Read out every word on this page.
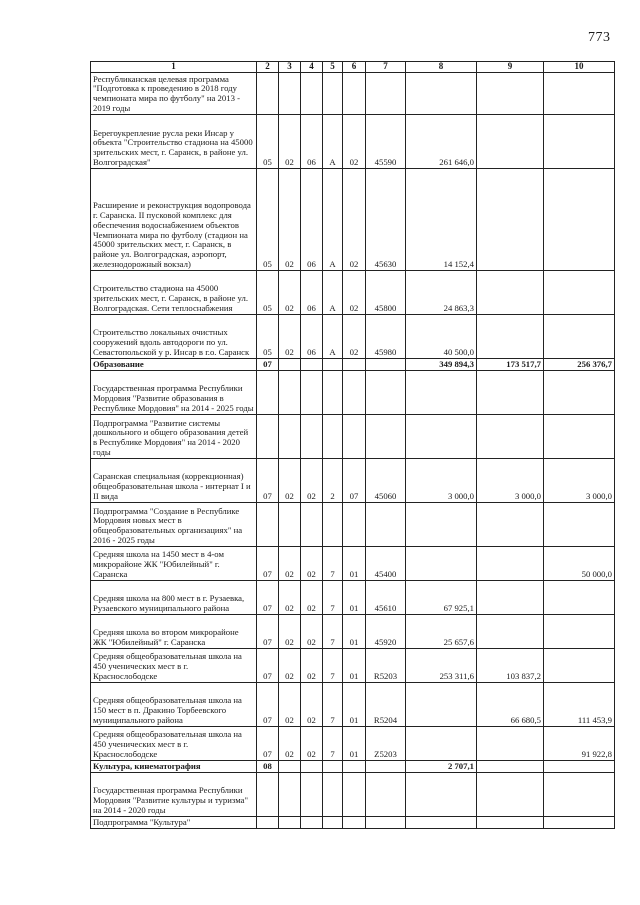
773
1	2	3	4	5	6	7	8	9	10
Республиканская целевая программа "Подготовка к проведению в 2018 году чемпионата мира по футболу" на 2013 - 2019 годы									
Берегоукрепление русла реки Инсар у объекта "Строительство стадиона на 45000 зрительских мест, г. Саранск, в районе ул. Волгоградская"	05	02	06	А	02	45590	261 646,0		
Расширение и реконструкция водопровода г. Саранска. II пусковой комплекс для обеспечения водоснабжением объектов Чемпионата мира по футболу (стадион на 45000 зрительских мест, г. Саранск, в районе ул. Волгоградская, аэропорт, железнодорожный вокзал)	05	02	06	А	02	45630	14 152,4		
Строительство стадиона на 45000 зрительских мест, г. Саранск, в районе ул. Волгоградская. Сети теплоснабжения	05	02	06	А	02	45800	24 863,3		
Строительство локальных очистных сооружений вдоль автодороги по ул. Севастопольской у р. Инсар в г.о. Саранск	05	02	06	А	02	45980	40 500,0		
Образование	07						349 894,3	173 517,7	256 376,7
Государственная программа Республики Мордовия "Развитие образования в Республике Мордовия" на 2014 - 2025 годы									
Подпрограмма "Развитие системы дошкольного и общего образования детей в Республике Мордовия" на 2014 - 2020 годы									
Саранская специальная (коррекционная) общеобразовательная школа - интернат I и II вида	07	02	02	2	07	45060	3 000,0	3 000,0	3 000,0
Подпрограмма "Создание в Республике Мордовия новых мест в общеобразовательных организациях" на 2016 - 2025 годы									
Средняя школа на 1450 мест в 4-ом микрорайоне ЖК "Юбилейный" г. Саранска	07	02	02	7	01	45400			50 000,0
Средняя школа на 800 мест в г. Рузаевка, Рузаевского муниципального района	07	02	02	7	01	45610	67 925,1		
Средняя школа во втором микрорайоне ЖК "Юбилейный" г. Саранска	07	02	02	7	01	45920	25 657,6		
Средняя общеобразовательная школа на 450 ученических мест в г. Краснослободске	07	02	02	7	01	R5203	253 311,6	103 837,2	
Средняя общеобразовательная школа на 150 мест в п. Дракино Торбеевского муниципального района	07	02	02	7	01	R5204		66 680,5	111 453,9
Средняя общеобразовательная школа на 450 ученических мест в г. Краснослободске	07	02	02	7	01	Z5203			91 922,8
Культура, кинематография	08						2 707,1		
Государственная программа Республики Мордовия "Развитие культуры и туризма" на 2014 - 2020 годы									
Подпрограмма "Культура"									
